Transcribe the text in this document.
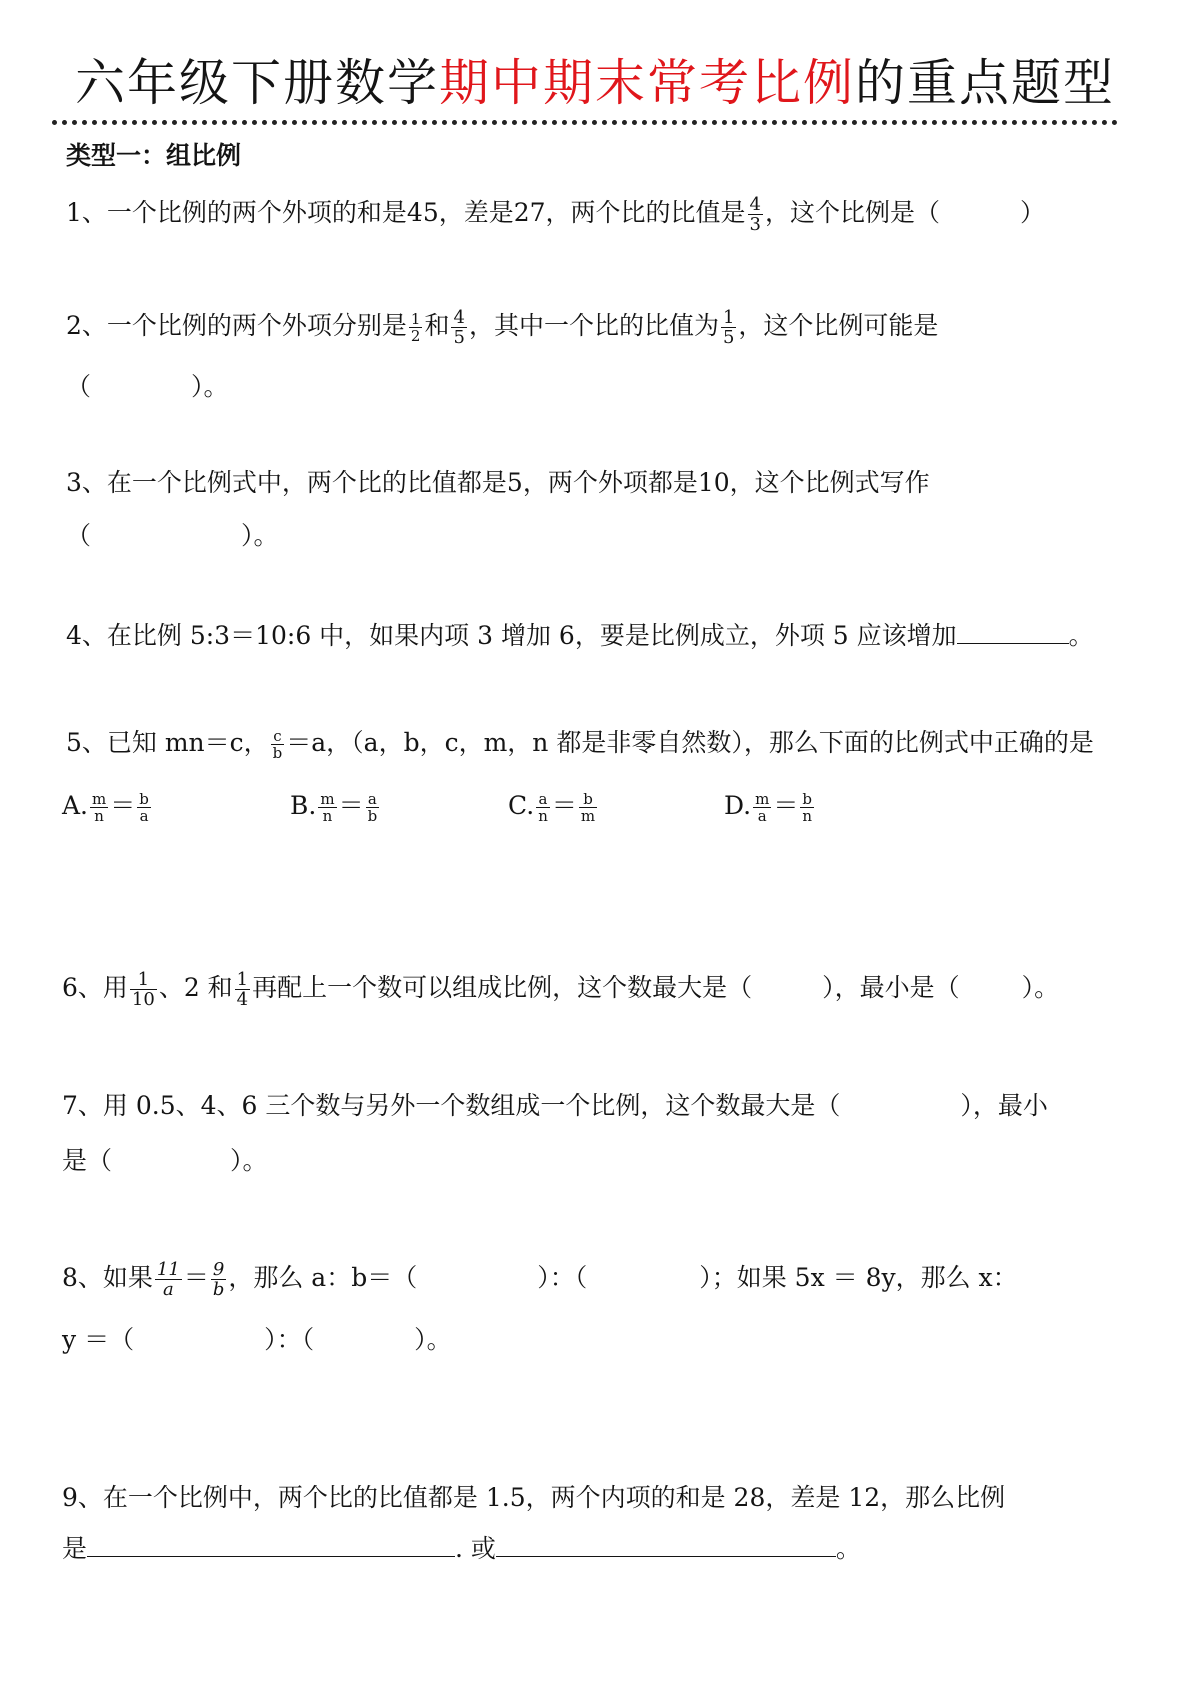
六年级下册数学期中期末常考比例的重点题型
类型一：组比例
1、一个比例的两个外项的和是45，差是27，两个比的比值是 $\frac{4}{3}$ ，这个比例是（	）
2、一个比例的两个外项分别是 $\frac{1}{2}$ 和 $\frac{4}{5}$ ，其中一个比的比值为 $\frac{1}{5}$ ，这个比例可能是
（	）。
3、在一个比例式中，两个比的比值都是5，两个外项都是10，这个比例式写作
（	）。
4、在比例 5:3＝10:6 中，如果内项 3 增加 6，要是比例成立，外项 5 应该增加	。
5、已知 mn＝c， $\frac{c}{b} =a$，（a，b，c，m，n 都是非零自然数），那么下面的比例式中正确的是
A. $\frac{m}{n} = \frac{b}{a}$	B. $\frac{m}{n} = \frac{a}{b}$	C. $\frac{a}{n} = \frac{b}{m}$	D. $\frac{m}{a} = \frac{b}{n}$
6、用 $\frac{1}{10}$ 、2 和 $\frac{1}{4}$ 再配上一个数可以组成比例，这个数最大是（	），最小是（ ）。
7、用 0.5、4、6 三个数与另外一个数组成一个比例，这个数最大是（	），最小
是（	）。
8、如果 $\frac{11}{a} = \frac{9}{b}$ ，那么 a：b＝（	）：（	）；如果 5x ＝ 8y，那么 x：
y ＝（	）：（	）。
9、在一个比例中，两个比的比值都是 1.5，两个内项的和是 28，差是 12，那么比例
是	. 或	。
